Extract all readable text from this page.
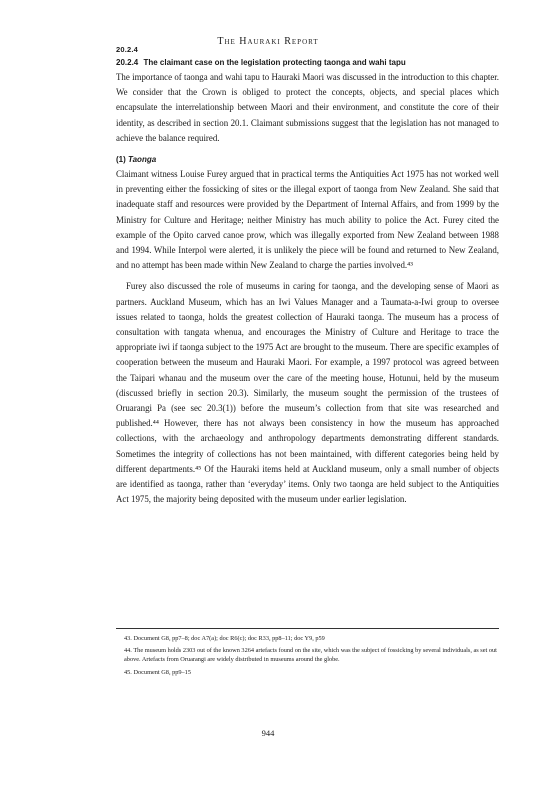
20.2.4
The Hauraki Report
20.2.4 The claimant case on the legislation protecting taonga and wahi tapu

The importance of taonga and wahi tapu to Hauraki Maori was discussed in the introduction to this chapter. We consider that the Crown is obliged to protect the concepts, objects, and special places which encapsulate the interrelationship between Maori and their environment, and constitute the core of their identity, as described in section 20.1. Claimant submissions suggest that the legislation has not managed to achieve the balance required.

(1) Taonga

Claimant witness Louise Furey argued that in practical terms the Antiquities Act 1975 has not worked well in preventing either the fossicking of sites or the illegal export of taonga from New Zealand. She said that inadequate staff and resources were provided by the Department of Internal Affairs, and from 1999 by the Ministry for Culture and Heritage; neither Ministry has much ability to police the Act. Furey cited the example of the Opito carved canoe prow, which was illegally exported from New Zealand between 1988 and 1994. While Interpol were alerted, it is unlikely the piece will be found and returned to New Zealand, and no attempt has been made within New Zealand to charge the parties involved.⁴³

Furey also discussed the role of museums in caring for taonga, and the developing sense of Maori as partners. Auckland Museum, which has an Iwi Values Manager and a Taumata-a-Iwi group to oversee issues related to taonga, holds the greatest collection of Hauraki taonga. The museum has a process of consultation with tangata whenua, and encourages the Ministry of Culture and Heritage to trace the appropriate iwi if taonga subject to the 1975 Act are brought to the museum. There are specific examples of cooperation between the museum and Hauraki Maori. For example, a 1997 protocol was agreed between the Taipari whanau and the museum over the care of the meeting house, Hotunui, held by the museum (discussed briefly in section 20.3). Similarly, the museum sought the permission of the trustees of Oruarangi Pa (see sec 20.3(1)) before the museum’s collection from that site was researched and published.⁴⁴ However, there has not always been consistency in how the museum has approached collections, with the archaeology and anthropology departments demonstrating different standards. Sometimes the integrity of collections has not been maintained, with different categories being held by different departments.⁴⁵ Of the Hauraki items held at Auckland museum, only a small number of objects are identified as taonga, rather than ‘everyday’ items. Only two taonga are held subject to the Antiquities Act 1975, the majority being deposited with the museum under earlier legislation.

43. Document G8, pp7–8; doc A7(a); doc R6(c); doc R33, pp8–11; doc Y9, p59

44. The museum holds 2303 out of the known 3264 artefacts found on the site, which was the subject of fossicking by several individuals, as set out above. Artefacts from Oruarangi are widely distributed in museums around the globe.

45. Document G8, pp9–15

944
